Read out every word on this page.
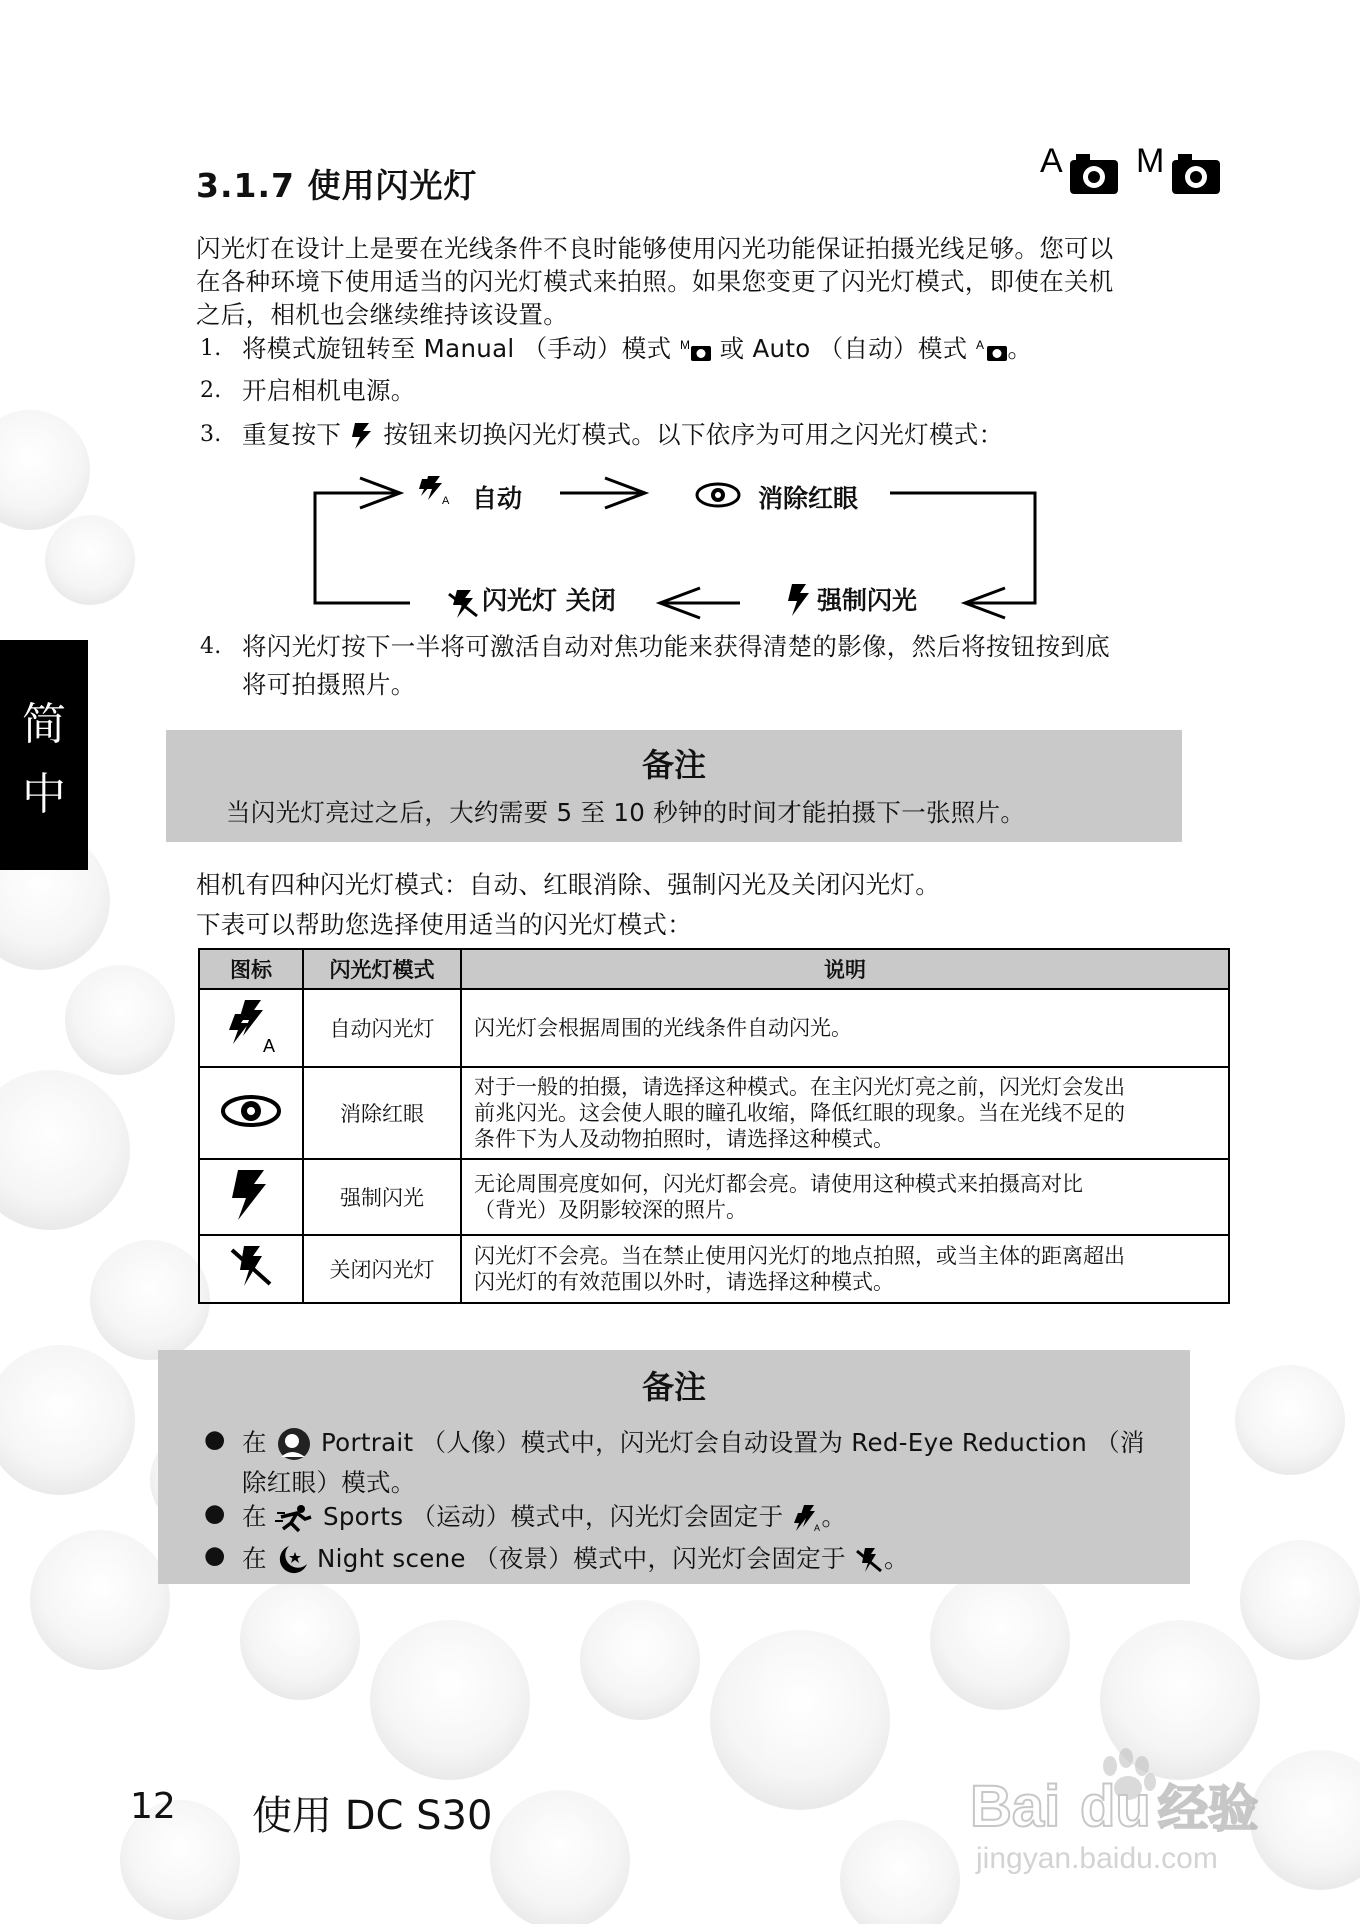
3.1.7 使用闪光灯
A M
闪光灯在设计上是要在光线条件不良时能够使用闪光功能保证拍摄光线足够。您可以
在各种环境下使用适当的闪光灯模式来拍照。如果您变更了闪光灯模式，即使在关机
之后，相机也会继续维持该设置。
1. 将模式旋钮转至 Manual （手动）模式 M 或 Auto （自动）模式 A 。
2. 开启相机电源。
3. 重复按下  按钮来切换闪光灯模式。以下依序为可用之闪光灯模式：
A 自动	消除红眼
强制闪光
闪光灯 关闭
4. 将闪光灯按下一半将可激活自动对焦功能来获得清楚的影像，然后将按钮按到底
将可拍摄照片。
简
中
备注
当闪光灯亮过之后，大约需要 5 至 10 秒钟的时间才能拍摄下一张照片。
相机有四种闪光灯模式：自动、红眼消除、强制闪光及关闭闪光灯。
下表可以帮助您选择使用适当的闪光灯模式：
图标	闪光灯模式	说明

A	自动闪光灯	闪光灯会根据周围的光线条件自动闪光。

	消除红眼	对于一般的拍摄，请选择这种模式。在主闪光灯亮之前，闪光灯会发出
前兆闪光。这会使人眼的瞳孔收缩，降低红眼的现象。当在光线不足的
条件下为人及动物拍照时，请选择这种模式。

	强制闪光	无论周围亮度如何，闪光灯都会亮。请使用这种模式来拍摄高对比
（背光）及阴影较深的照片。

	关闭闪光灯	闪光灯不会亮。当在禁止使用闪光灯的地点拍照，或当主体的距离超出
闪光灯的有效范围以外时，请选择这种模式。
备注
● 在  Portrait （人像）模式中，闪光灯会自动设置为 Red-Eye Reduction （消
除红眼）模式。
● 在  Sports （运动）模式中，闪光灯会固定于 A 。
● 在  Night scene （夜景）模式中，闪光灯会固定于 。
12 使用 DC S30	Bai du 经验
jingyan.baidu.com
